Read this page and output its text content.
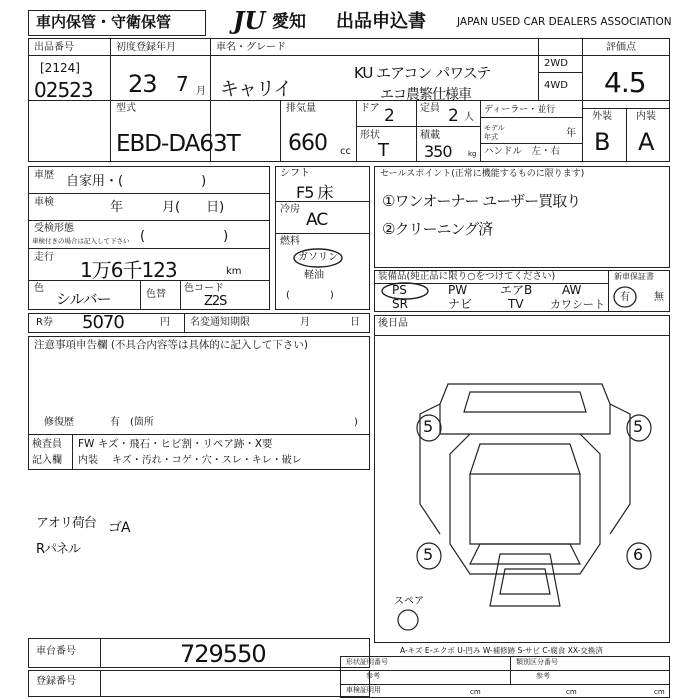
車内保管・守衛保管	JU 愛知 出品申込書	JAPAN USED CAR DEALERS ASSOCIATION
出品番号
[2124]
02523
初度登録年月
23 7 月
車名・グレード
キャリイ
KU エアコン パワステ
エコ農繁仕様車
2WD
4WD
評価点
4.5
型式
EBD-DA63T
排気量
660 cc
ドア 2	定員 2 人
形状
T
積載
350 kg
ディーラー・並行
モデル年式	年
ハンドル　左・右
外装 内装
B A
車歴 自家用・(　　　　　　)
車検	年　　　月(　　日)
受検形態
車検付きの場合は記入して下さい (　　　　　　)
走行
1万6千123	km
色
シルバー	色替
色コード
Z2S
シフト
F5 床
冷房
AC
燃料
ガソリン
軽油
(　　　　)
セールスポイント(正常に機能するものに限ります)
①ワンオーナー ユーザー買取り
②クリーニング済
装備品(純正品に限り○をつけてください)
PS	PW	エアB AW
SR	ナビ	TV カワシート
新車保証書
有 無
R券 5070	円 名変通知期限	月	日
注意事項申告欄 (不具合内容等は具体的に記入して下さい)
修復歴	有　(箇所	)
検査員
記入欄
FW キズ・飛石・ヒビ割・リペア跡・X要
内装 キズ・汚れ・コゲ・穴・スレ・キレ・破レ
アオリ荷台 ゴA
Rパネル
後日品
5	5
5	6
スペア
A-キズ E-エクボ U-凹み W-補修跡 S-サビ C-腐食 XX-交換済
車台番号	729550
登録番号
形状証明番号
参考
類別区分番号
参考
車検証明用	cm	cm	cm
